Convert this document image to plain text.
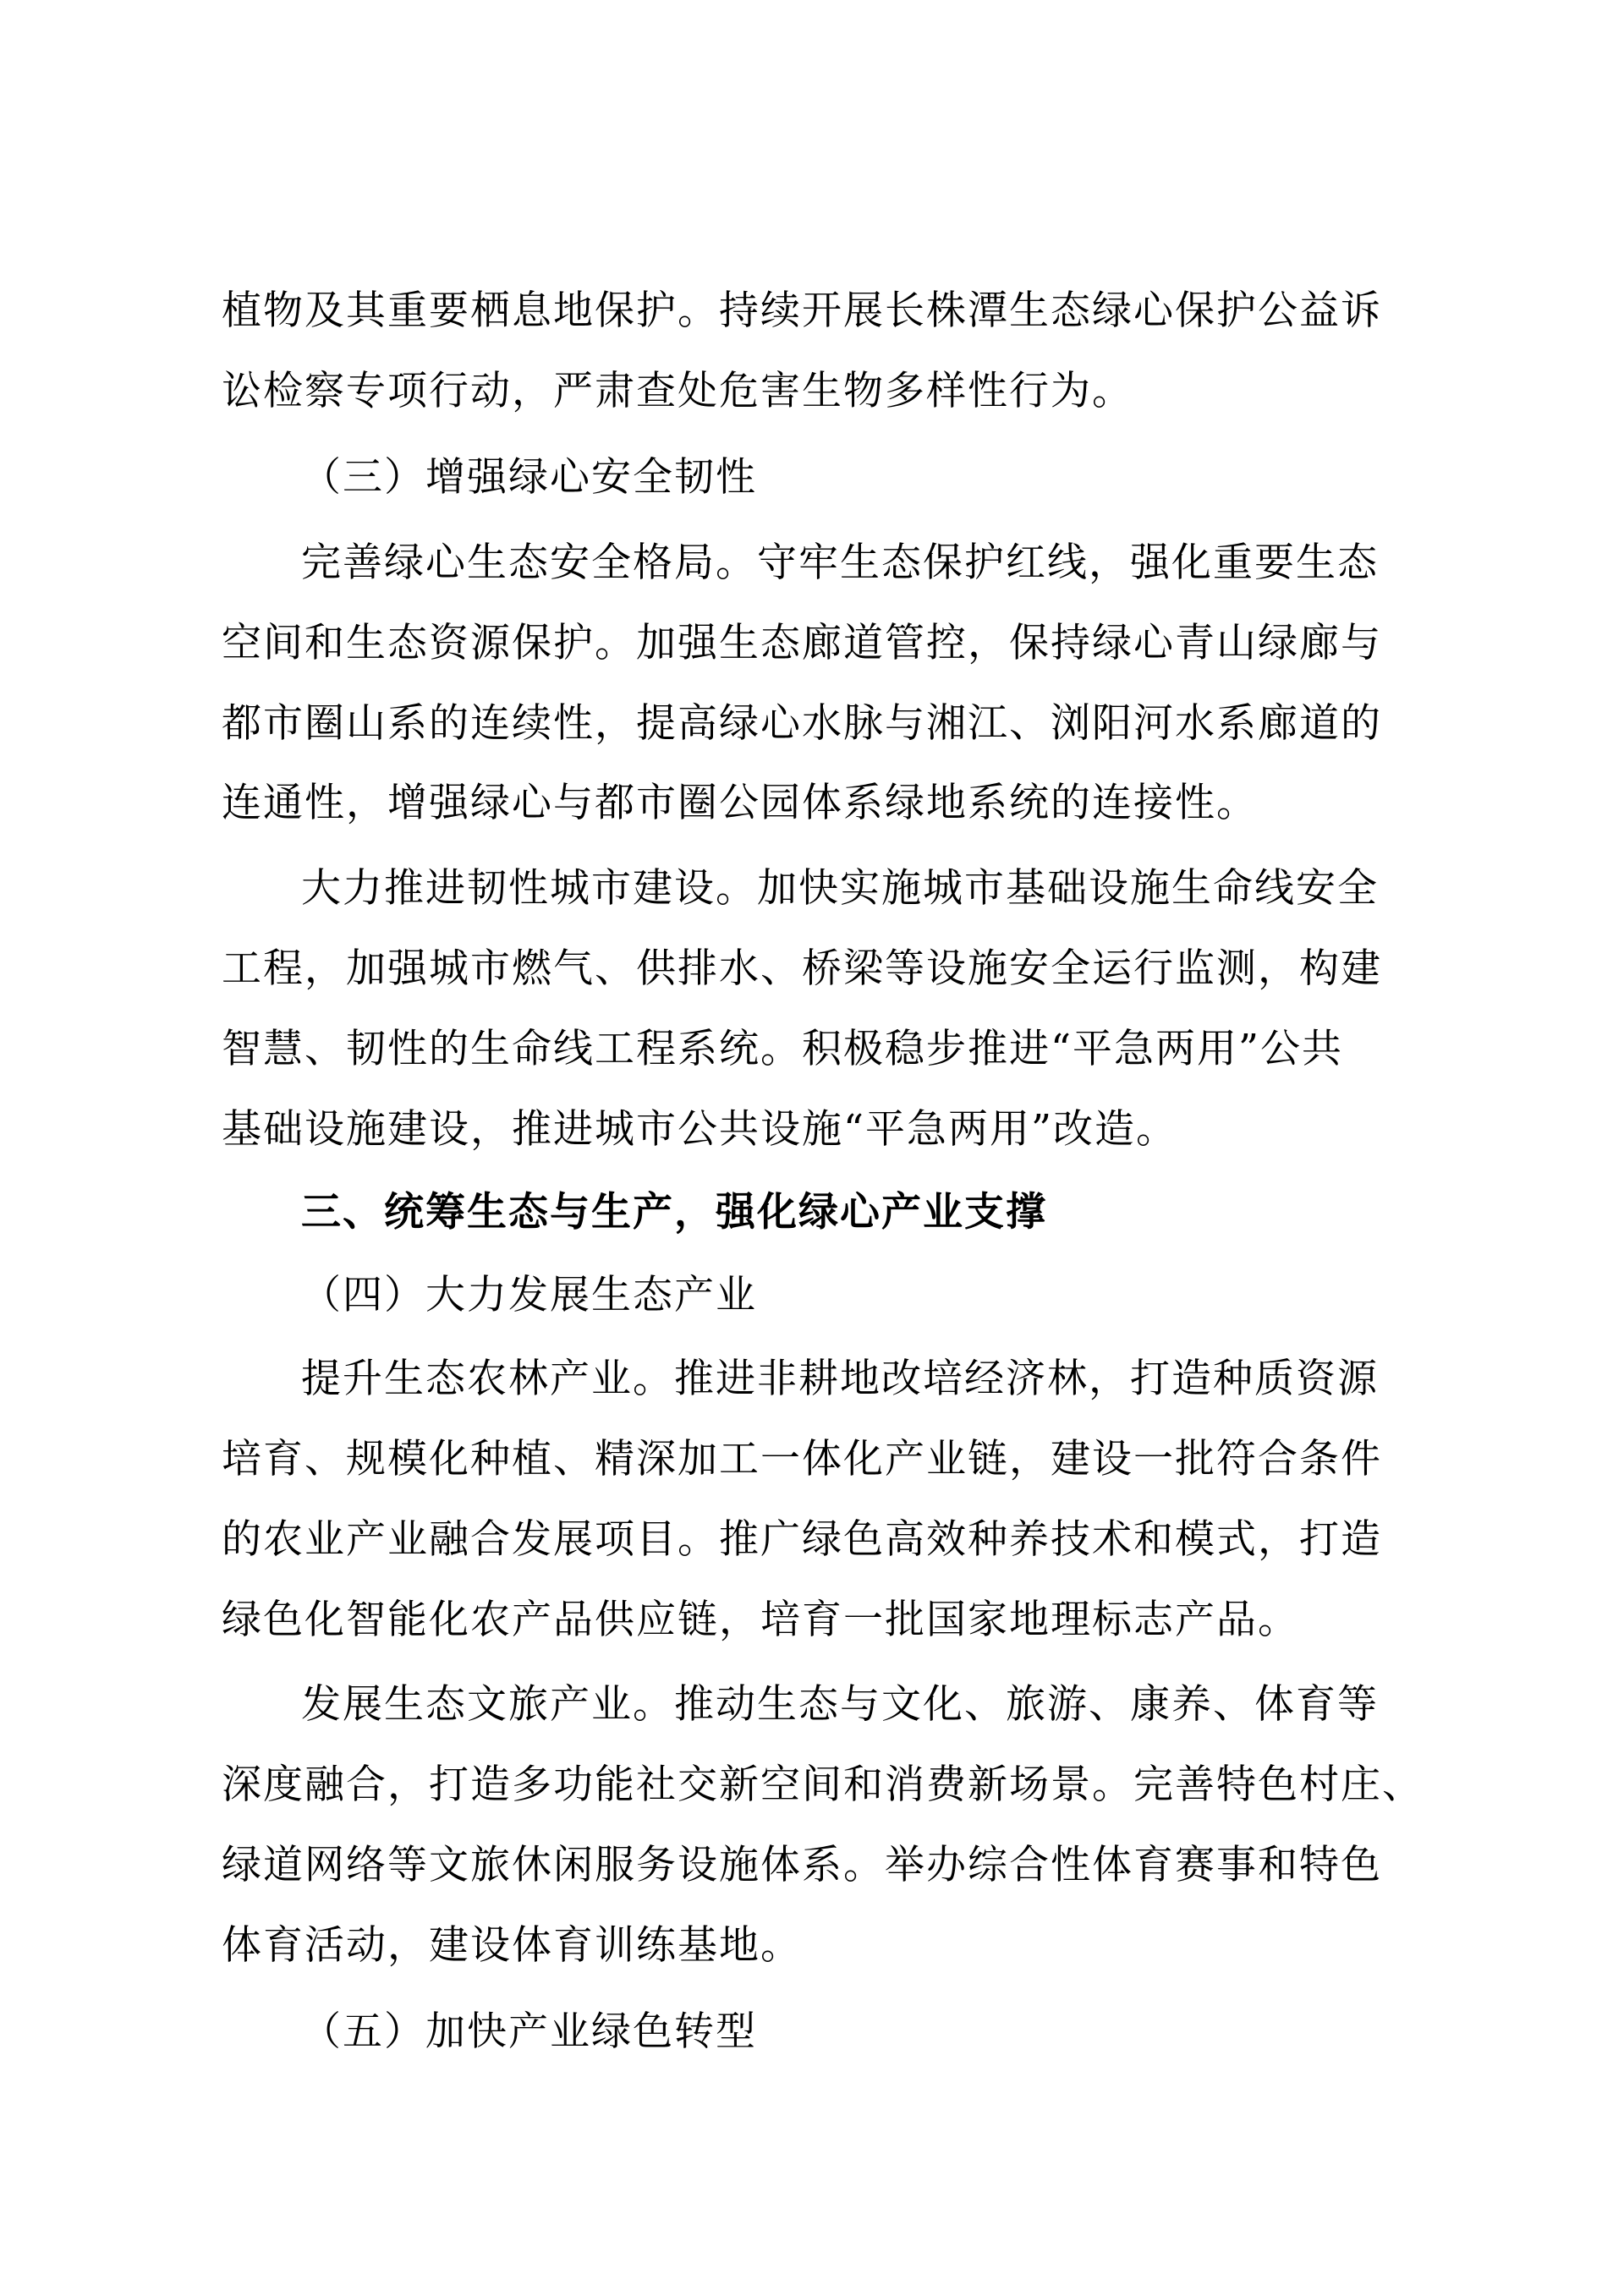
植物及其重要栖息地保护。持续开展长株潭生态绿心保护公益诉
讼检察专项行动，严肃查处危害生物多样性行为。
（三）增强绿心安全韧性
完善绿心生态安全格局。守牢生态保护红线，强化重要生态
空间和生态资源保护。加强生态廊道管控，保持绿心青山绿廊与
都市圈山系的连续性，提高绿心水脉与湘江、浏阳河水系廊道的
连通性，增强绿心与都市圈公园体系绿地系统的连接性。
大力推进韧性城市建设。加快实施城市基础设施生命线安全
工程，加强城市燃气、供排水、桥梁等设施安全运行监测，构建
智慧、韧性的生命线工程系统。积极稳步推进“平急两用”公共
基础设施建设，推进城市公共设施“平急两用”改造。
三、统筹生态与生产，强化绿心产业支撑
（四）大力发展生态产业
提升生态农林产业。推进非耕地改培经济林，打造种质资源
培育、规模化种植、精深加工一体化产业链，建设一批符合条件
的农业产业融合发展项目。推广绿色高效种养技术和模式，打造
绿色化智能化农产品供应链，培育一批国家地理标志产品。
发展生态文旅产业。推动生态与文化、旅游、康养、体育等
深度融合，打造多功能社交新空间和消费新场景。完善特色村庄、
绿道网络等文旅休闲服务设施体系。举办综合性体育赛事和特色
体育活动，建设体育训练基地。
（五）加快产业绿色转型
